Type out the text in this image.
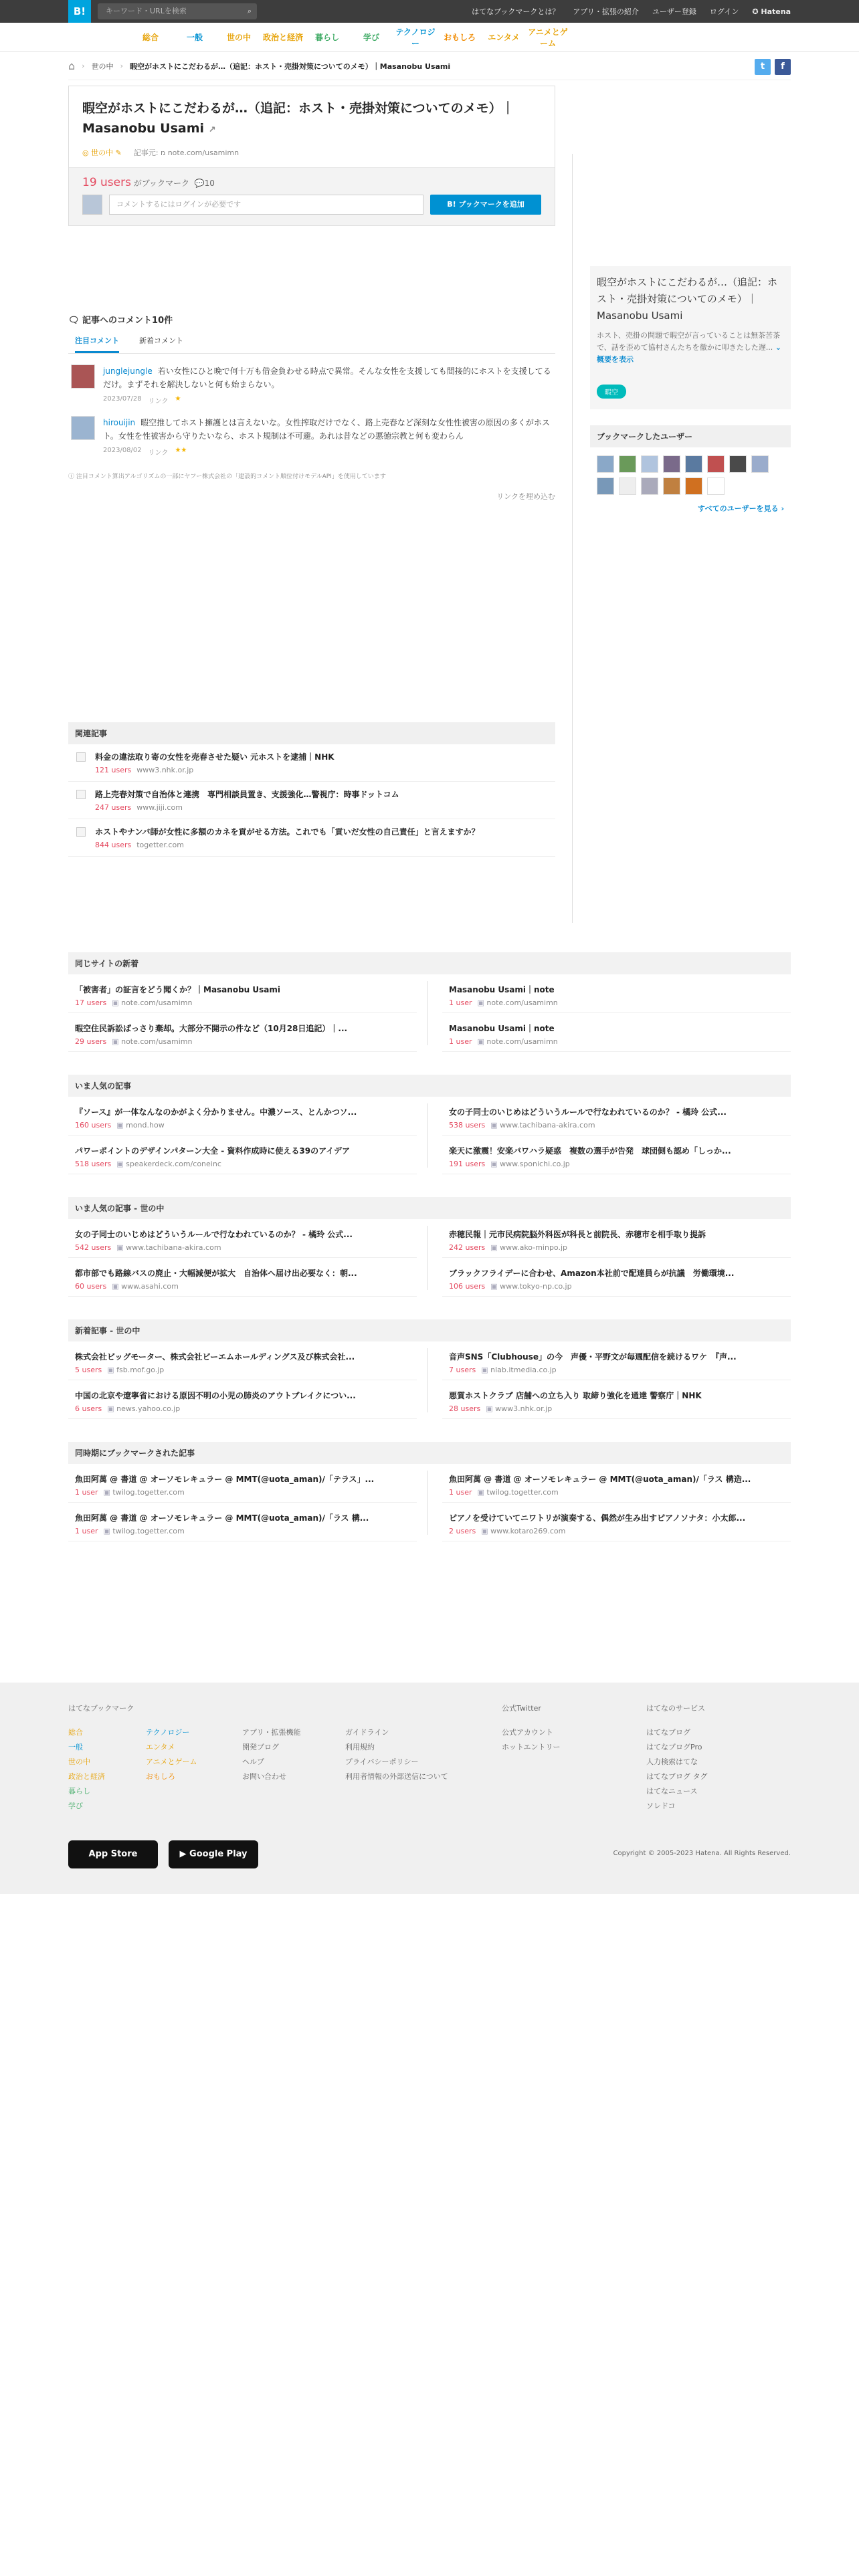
B!	キーワード・URLを検索	⌕	はてなブックマークとは？ アプリ・拡張の紹介 ユーザー登録 ログイン ✪ Hatena
総合	一般	世の中	政治と経済	暮らし	学び
テクノロジー
おもしろ	エンタメ
アニメとゲーム
⌂ › 世の中 › 暇空がホストにこだわるが…（追記：ホスト・売掛対策についてのメモ）｜Masanobu Usami	t	f
暇空がホストにこだわるが…（追記：ホスト・売掛対策についてのメモ）｜Masanobu Usami ↗
◎ 世の中 ✎ 記事元: ռ note.com/usamimn
19 users がブックマーク  💬10
コメントするにはログインが必要です	B! ブックマークを追加
🗨 記事へのコメント10件
注目コメント	新着コメント
junglejungle 若い女性にひと晩で何十万も借金負わせる時点で異常。そんな女性を支援しても間接的にホストを支援してるだけ。まずそれを解決しないと何も始まらない。
2023/07/28 リンク ★
hirouijin 暇空推してホスト擁護とは言えないな。女性搾取だけでなく、路上売春など深刻な女性性被害の原因の多くがホスト。女性を性被害から守りたいなら、ホスト規制は不可避。あれは昔などの悪徳宗教と何も変わらん
2023/08/02 リンク ★★
ⓘ 注目コメント算出アルゴリズムの一部にヤフー株式会社の「建設的コメント順位付けモデルAPI」を使用しています
リンクを埋め込む
関連記事
料金の違法取り寄の女性を売春させた疑い 元ホストを逮捕｜NHK
121 users www3.nhk.or.jp
路上売春対策で自治体と連携　専門相談員置き、支援強化…警視庁：時事ドットコム
247 users www.jiji.com
ホストやナンバ師が女性に多額のカネを貢がせる方法。これでも「貢いだ女性の自己責任」と言えますか？
844 users togetter.com
暇空がホストにこだわるが…（追記：ホスト・売掛対策についてのメモ）｜Masanobu Usami
ホスト、売掛の問題で暇空が言っていることは無茶苦茶で、話を歪めて協村さんたちを徹かに叩きたした遅... ⌄ 概要を表示
暇空
ブックマークしたユーザー
すべてのユーザーを見る ›
同じサイトの新着
「被害者」の証言をどう聞くか？｜Masanobu Usami
17 users ▣ note.com/usamimn
Masanobu Usami｜note
1 user ▣ note.com/usamimn
暇空住民訴訟ばっさり棄却。大部分不開示の件など（10月28日追記）｜...
29 users ▣ note.com/usamimn
Masanobu Usami｜note
1 user ▣ note.com/usamimn
いま人気の記事
『ソース』が一体なんなのかがよく分かりません。中濃ソース、とんかつソ...
160 users ▣ mond.how
女の子同士のいじめはどういうルールで行なわれているのか？ - 橘玲 公式...
538 users ▣ www.tachibana-akira.com
パワーポイントのデザインパターン大全 - 資料作成時に使える39のアイデア
518 users ▣ speakerdeck.com/coneinc
楽天に激震！安楽バワハラ疑惑　複数の選手が告発　球団側も認め「しっか...
191 users ▣ www.sponichi.co.jp
いま人気の記事 - 世の中
女の子同士のいじめはどういうルールで行なわれているのか？ - 橘玲 公式...
542 users ▣ www.tachibana-akira.com
赤穂民報｜元市民病院脳外科医が科長と前院長、赤穂市を相手取り提訴
242 users ▣ www.ako-minpo.jp
都市部でも路線バスの廃止・大幅減便が拡大　自治体へ届け出必要なく：朝...
60 users ▣ www.asahi.com
ブラックフライデーに合わせ、Amazon本社前で配達員らが抗議　労働環境...
106 users ▣ www.tokyo-np.co.jp
新着記事 - 世の中
株式会社ビッグモーター、株式会社ビーエムホールディングス及び株式会社...
5 users ▣ fsb.mof.go.jp
音声SNS「Clubhouse」の今　声優・平野文が毎週配信を続けるワケ　『声...
7 users ▣ nlab.itmedia.co.jp
中国の北京や遼寧省における原因不明の小児の肺炎のアウトブレイクについ...
6 users ▣ news.yahoo.co.jp
悪質ホストクラブ 店舗への立ち入り 取締り強化を通達 警察庁｜NHK
28 users ▣ www3.nhk.or.jp
同時期にブックマークされた記事
魚田阿萬 @ 書道 @ オーソモレキュラー @ MMT(@uota_aman)/「テラス」...
1 user ▣ twilog.togetter.com
魚田阿萬 @ 書道 @ オーソモレキュラー @ MMT(@uota_aman)/「ラス 構造...
1 user ▣ twilog.togetter.com
魚田阿萬 @ 書道 @ オーソモレキュラー @ MMT(@uota_aman)/「ラス 構...
1 user ▣ twilog.togetter.com
ピアノを受けていてニワトリが演奏する、偶然が生み出すピアノソナタ：小太郎...
2 users ▣ www.kotaro269.com
はてなブックマーク
総合
一般
世の中
政治と経済
暮らし
学び
テクノロジー
エンタメ
アニメとゲーム
おもしろ
アプリ・拡張機能
開発ブログ
ヘルプ
お問い合わせ
ガイドライン
利用規約
プライバシーポリシー
利用者情報の外部送信について
公式Twitter
公式アカウント
ホットエントリー
はてなのサービス
はてなブログ
はてなブログPro
人力検索はてな
はてなブログ タグ
はてなニュース
ソレドコ
App Store	▶ Google Play	Copyright © 2005-2023 Hatena. All Rights Reserved.
